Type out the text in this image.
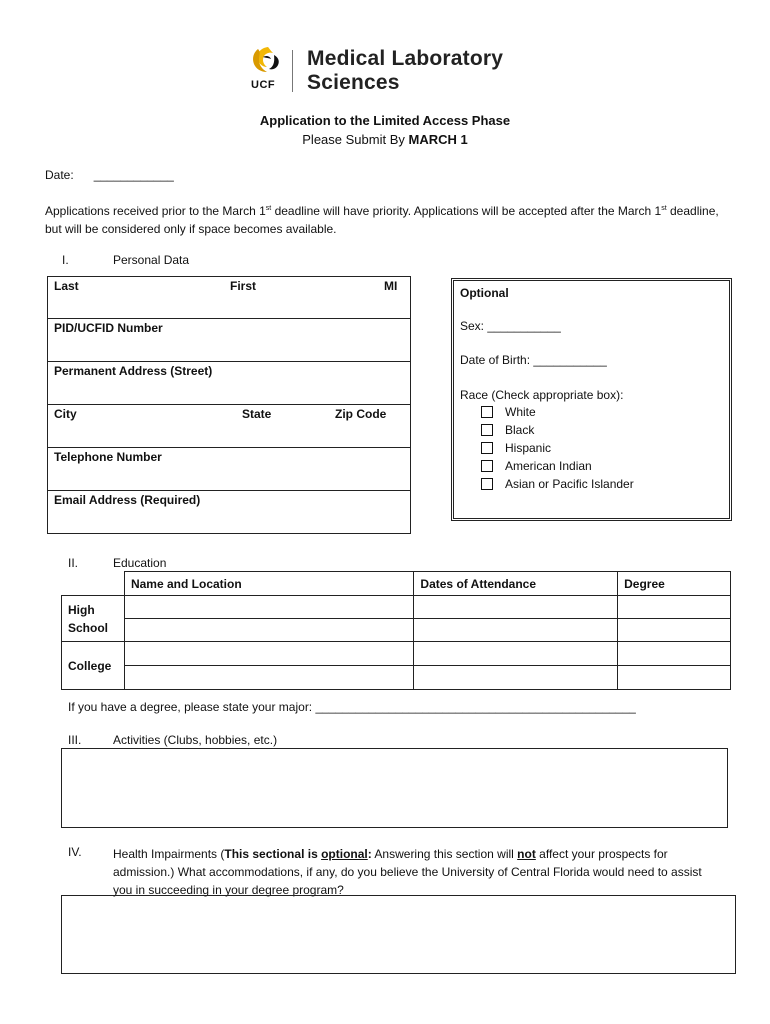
UCF
Medical Laboratory
Sciences
Application to the Limited Access Phase
Please Submit By MARCH 1
Date: ____________
Applications received prior to the March 1st deadline will have priority. Applications will be accepted after the March 1st deadline, but will be considered only if space becomes available.
I.	Personal Data
Last	First	MI
PID/UCFID Number
Permanent Address (Street)
City	State	Zip Code
Telephone Number
Email Address (Required)
Optional
Sex: ___________
Date of Birth: ___________
Race (Check appropriate box):
White
Black
Hispanic
American Indian
Asian or Pacific Islander
II.	Education
	Name and Location	Dates of Attendance	Degree
High
School			

College			

If you have a degree, please state your major: ________________________________________________
III.	Activities (Clubs, hobbies, etc.)
IV.	Health Impairments (This sectional is optional: Answering this section will not affect your prospects for admission.) What accommodations, if any, do you believe the University of Central Florida would need to assist you in succeeding in your degree program?
